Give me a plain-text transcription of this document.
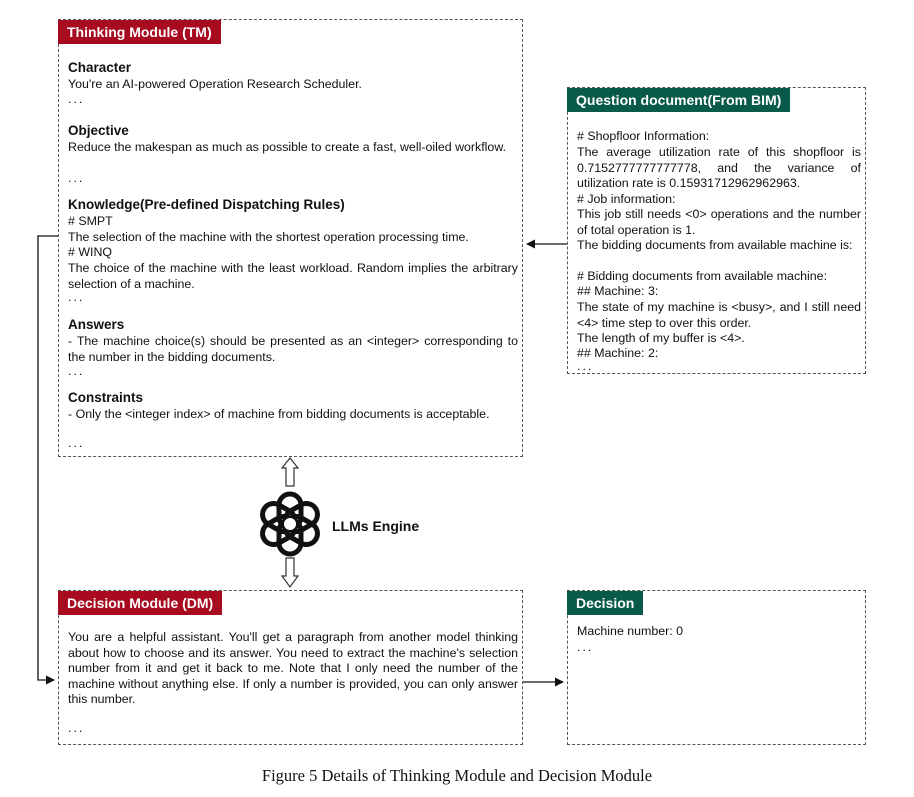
Thinking Module (TM)
Character
You're an AI-powered Operation Research Scheduler.
...
Objective
Reduce the makespan as much as possible to create a fast, well-oiled workflow.
...
Knowledge(Pre-defined Dispatching Rules)
# SMPT
The selection of the machine with the shortest operation processing time.
# WINQ
The choice of the machine with the least workload. Random implies the arbitrary selection of a machine.
...
Answers
- The machine choice(s) should be presented as an <integer> corresponding to the number in the bidding documents.
...
Constraints
- Only the <integer index> of machine from bidding documents is acceptable.
...
Question document(From BIM)
# Shopfloor Information:
The average utilization rate of this shopfloor is 0.7152777777777778, and the variance of utilization rate is 0.15931712962962963.
# Job information:
This job still needs <0> operations and the number of total operation is 1.
The bidding documents from available machine is:
# Bidding documents from available machine:
## Machine: 3:
The state of my machine is <busy>, and I still need <4> time step to over this order.
The length of my buffer is <4>.
## Machine: 2:
...
LLMs Engine
Decision Module (DM)
You are a helpful assistant. You'll get a paragraph from another model thinking about how to choose and its answer. You need to extract the machine's selection number from it and get it back to me. Note that I only need the number of the machine without anything else. If only a number is provided, you can only answer this number.
...
Decision
Machine number: 0
...
Figure 5 Details of Thinking Module and Decision Module
